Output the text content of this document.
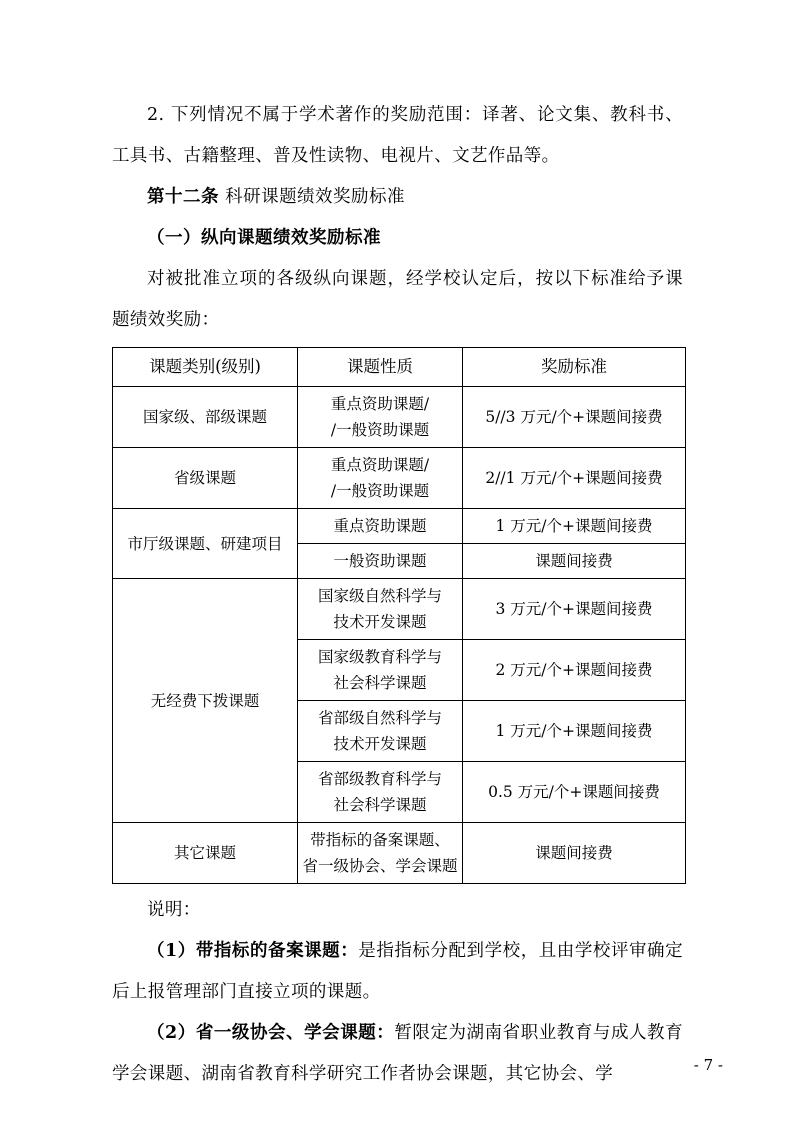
2. 下列情况不属于学术著作的奖励范围：译著、论文集、教科书、工具书、古籍整理、普及性读物、电视片、文艺作品等。

第十二条 科研课题绩效奖励标准

（一）纵向课题绩效奖励标准

对被批准立项的各级纵向课题，经学校认定后，按以下标准给予课题绩效奖励：

课题类别(级别)	课题性质	奖励标准
国家级、部级课题	重点资助课题/
/一般资助课题	5//3 万元/个+课题间接费
省级课题	重点资助课题/
/一般资助课题	2//1 万元/个+课题间接费
市厅级课题、研建项目	重点资助课题	1 万元/个+课题间接费
	一般资助课题	课题间接费
无经费下拨课题	国家级自然科学与
技术开发课题	3 万元/个+课题间接费

	国家级教育科学与
社会科学课题	2 万元/个+课题间接费

	省部级自然科学与
技术开发课题	1 万元/个+课题间接费

	省部级教育科学与
社会科学课题	0.5 万元/个+课题间接费
其它课题	带指标的备案课题、
省一级协会、学会课题	课题间接费

说明：

（1）带指标的备案课题：是指指标分配到学校，且由学校评审确定后上报管理部门直接立项的课题。

（2）省一级协会、学会课题：暂限定为湖南省职业教育与成人教育学会课题、湖南省教育科学研究工作者协会课题，其它协会、学	- 7 -
